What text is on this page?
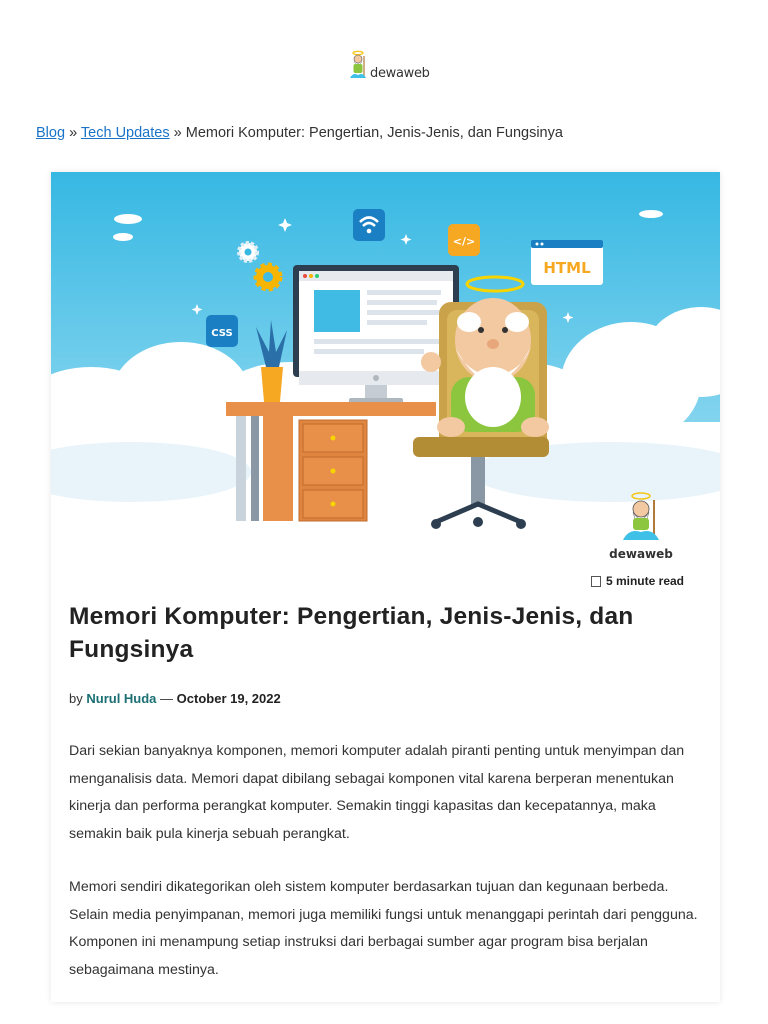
dewaweb
Blog » Tech Updates » Memori Komputer: Pengertian, Jenis-Jenis, dan Fungsinya
</>
HTML
CSS
dewaweb
5 minute read
Memori Komputer: Pengertian, Jenis-Jenis, dan Fungsinya
by Nurul Huda — October 19, 2022

Dari sekian banyaknya komponen, memori komputer adalah piranti penting untuk menyimpan dan menganalisis data. Memori dapat dibilang sebagai komponen vital karena berperan menentukan kinerja dan performa perangkat komputer. Semakin tinggi kapasitas dan kecepatannya, maka semakin baik pula kinerja sebuah perangkat.

Memori sendiri dikategorikan oleh sistem komputer berdasarkan tujuan dan kegunaan berbeda. Selain media penyimpanan, memori juga memiliki fungsi untuk menanggapi perintah dari pengguna. Komponen ini menampung setiap instruksi dari berbagai sumber agar program bisa berjalan sebagaimana mestinya.
